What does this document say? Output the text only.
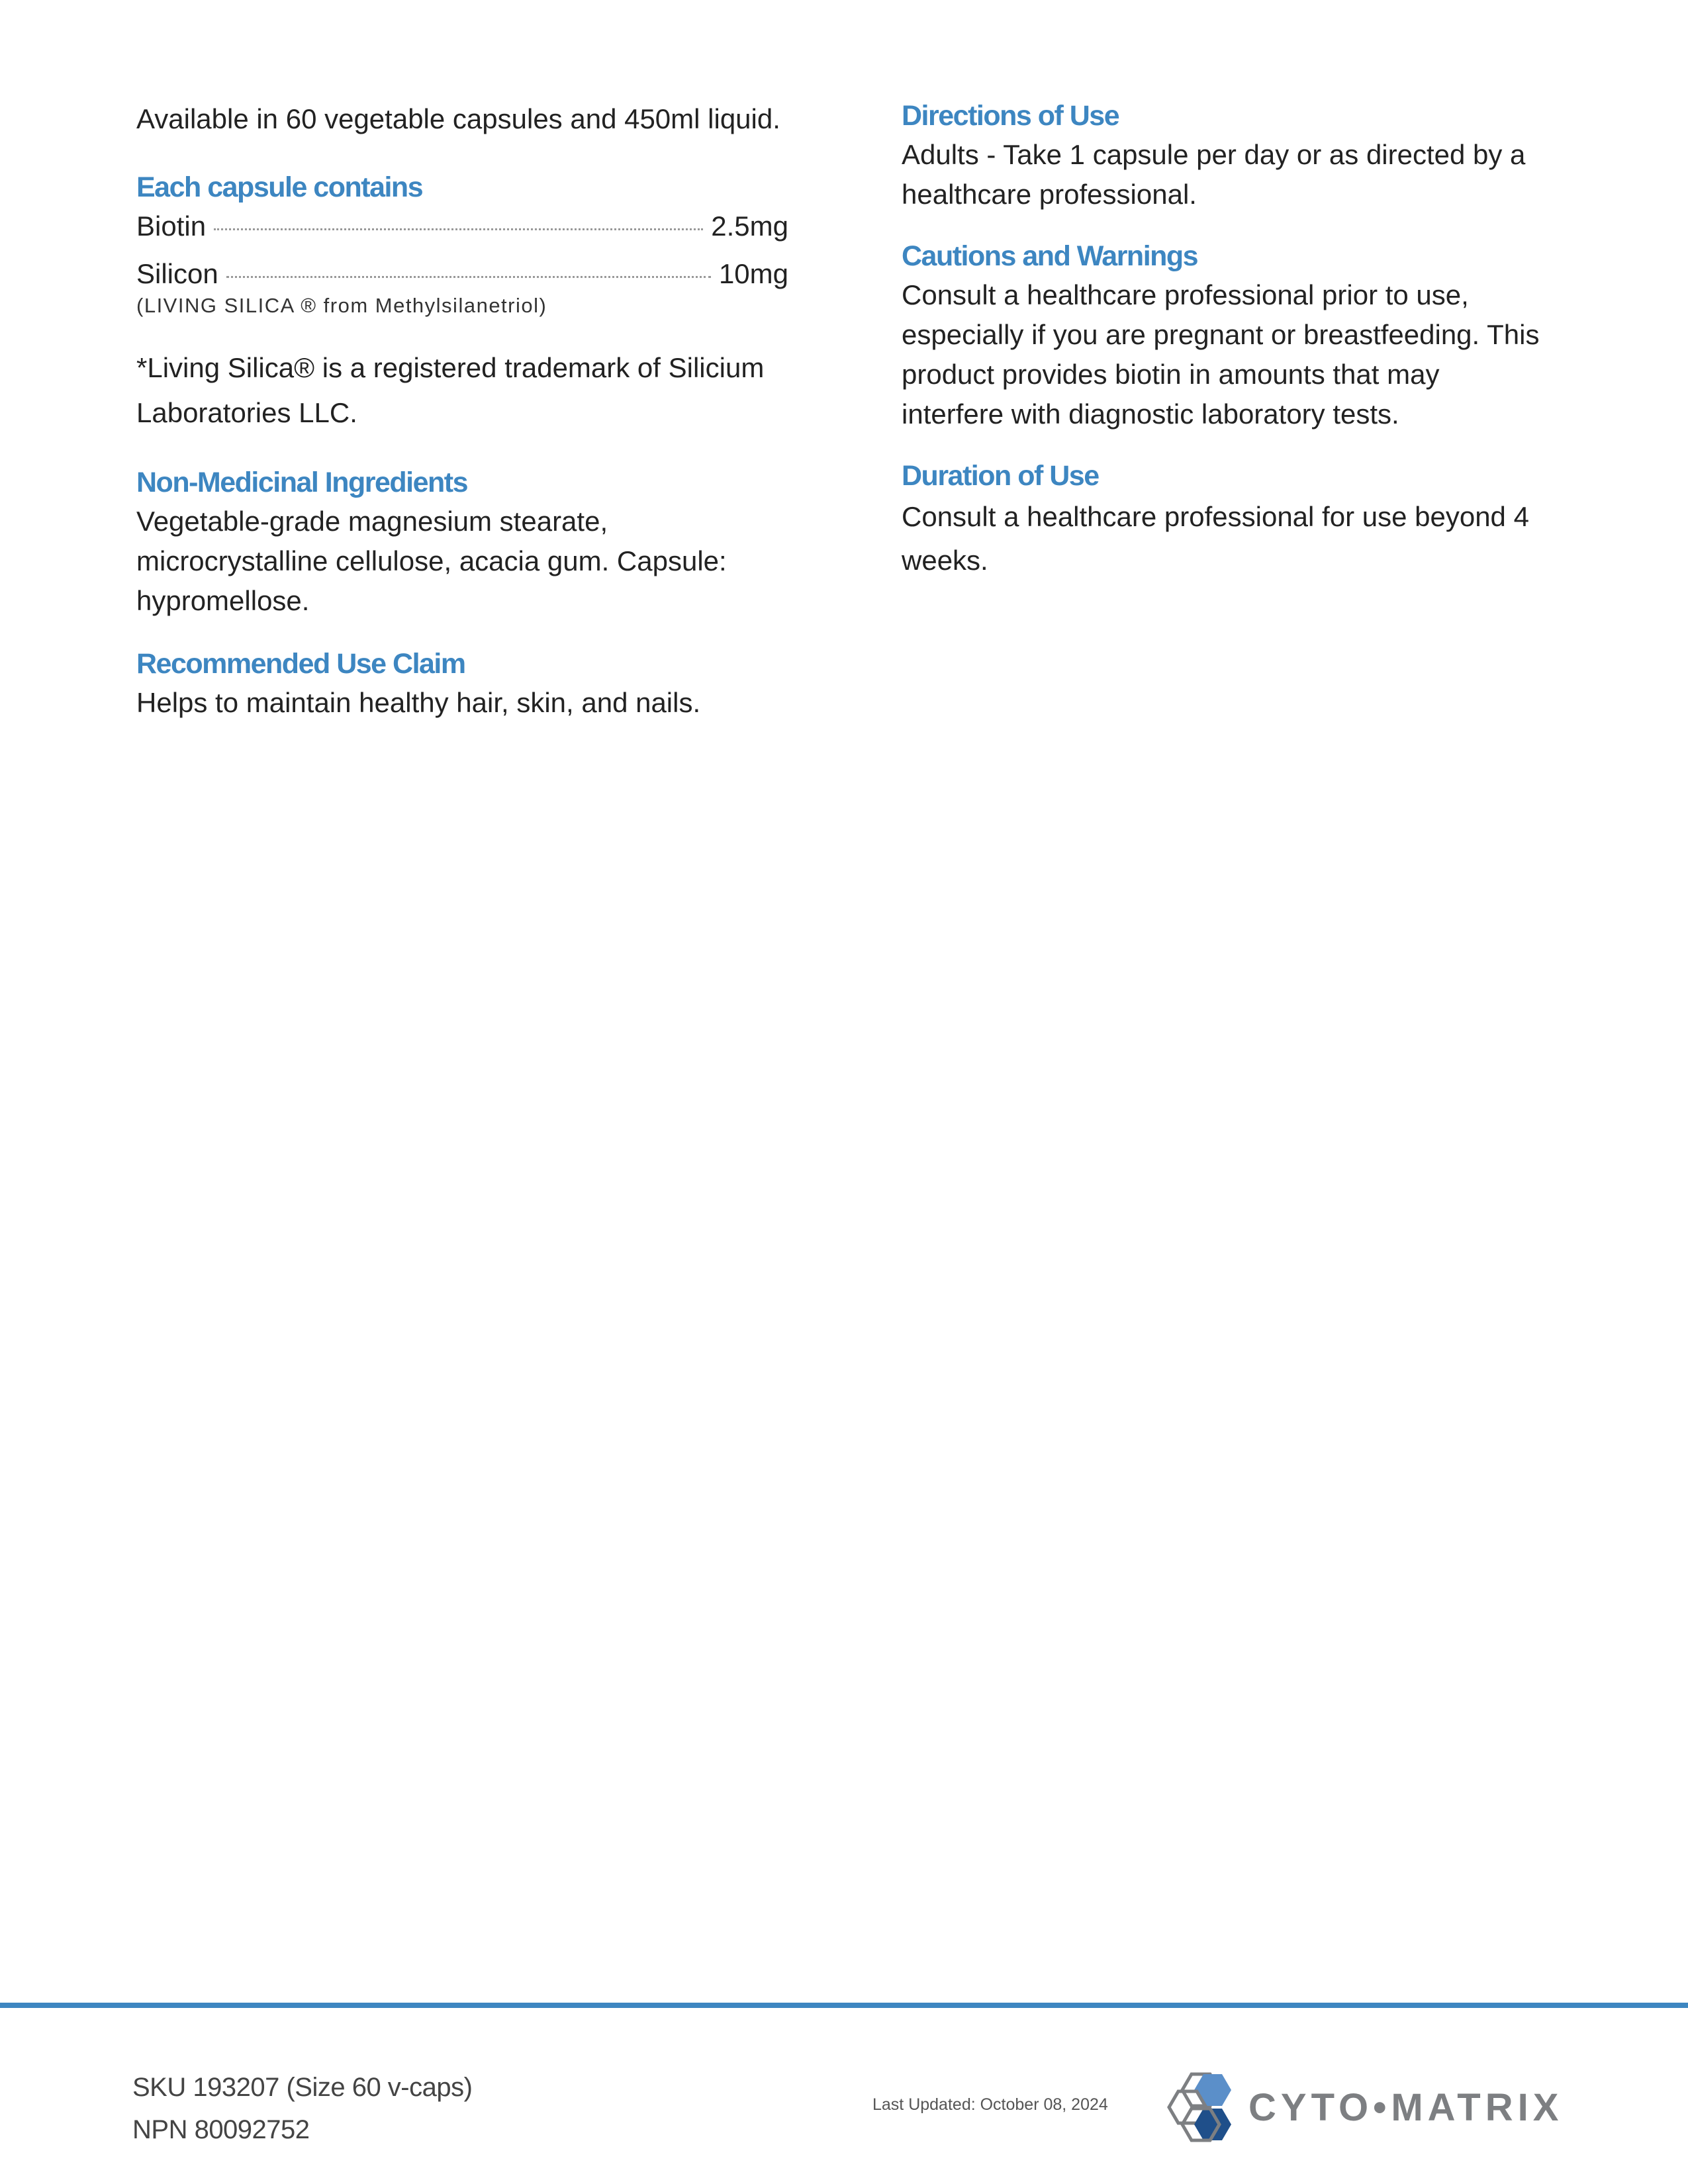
Available in 60 vegetable capsules and 450ml liquid.

Each capsule contains
Biotin	2.5mg
Silicon	10mg

(LIVING SILICA ® from Methylsilanetriol)

*Living Silica® is a registered trademark of Silicium

Laboratories LLC.

Non-Medicinal Ingredients

Vegetable-grade magnesium stearate,

microcrystalline cellulose, acacia gum. Capsule:

hypromellose.

Recommended Use Claim

Helps to maintain healthy hair, skin, and nails.

Directions of Use

Adults - Take 1 capsule per day or as directed by a

healthcare professional.

Cautions and Warnings

Consult a healthcare professional prior to use,

especially if you are pregnant or breastfeeding. This

product provides biotin in amounts that may

interfere with diagnostic laboratory tests.

Duration of Use

Consult a healthcare professional for use beyond 4

weeks.

SKU 193207 (Size 60 v-caps)
NPN 80092752
Last Updated: October 08, 2024	CYTO•MATRIX
